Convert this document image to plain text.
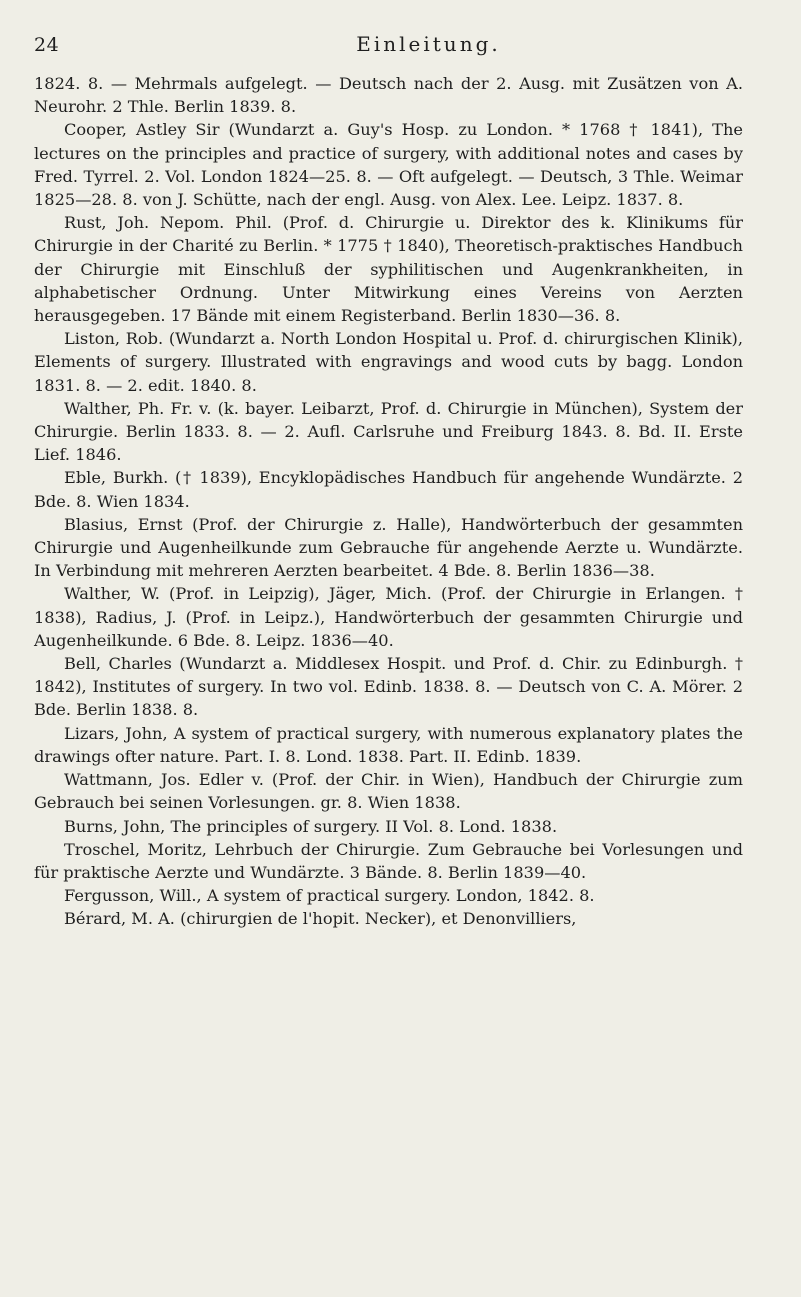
24	Einleitung.

1824. 8. — Mehrmals aufgelegt. — Deutsch nach der 2. Ausg. mit Zusätzen von A. Neurohr. 2 Thle. Berlin 1839. 8.

Cooper, Astley Sir (Wundarzt a. Guy's Hosp. zu London. * 1768 † 1841), The lectures on the principles and practice of surgery, with additional notes and cases by Fred. Tyrrel. 2. Vol. London 1824—25. 8. — Oft aufgelegt. — Deutsch, 3 Thle. Weimar 1825—28. 8. von J. Schütte, nach der engl. Ausg. von Alex. Lee. Leipz. 1837. 8.

Rust, Joh. Nepom. Phil. (Prof. d. Chirurgie u. Direktor des k. Klinikums für Chirurgie in der Charité zu Berlin. * 1775 † 1840), Theoretisch-praktisches Handbuch der Chirurgie mit Einschluß der syphilitischen und Augenkrankheiten, in alphabetischer Ordnung. Unter Mitwirkung eines Vereins von Aerzten herausgegeben. 17 Bände mit einem Registerband. Berlin 1830—36. 8.

Liston, Rob. (Wundarzt a. North London Hospital u. Prof. d. chirurgischen Klinik), Elements of surgery. Illustrated with engravings and wood cuts by bagg. London 1831. 8. — 2. edit. 1840. 8.

Walther, Ph. Fr. v. (k. bayer. Leibarzt, Prof. d. Chirurgie in München), System der Chirurgie. Berlin 1833. 8. — 2. Aufl. Carlsruhe und Freiburg 1843. 8. Bd. II. Erste Lief. 1846.

Eble, Burkh. († 1839), Encyklopädisches Handbuch für angehende Wundärzte. 2 Bde. 8. Wien 1834.

Blasius, Ernst (Prof. der Chirurgie z. Halle), Handwörterbuch der gesammten Chirurgie und Augenheilkunde zum Gebrauche für angehende Aerzte u. Wundärzte. In Verbindung mit mehreren Aerzten bearbeitet. 4 Bde. 8. Berlin 1836—38.

Walther, W. (Prof. in Leipzig), Jäger, Mich. (Prof. der Chirurgie in Erlangen. † 1838), Radius, J. (Prof. in Leipz.), Handwörterbuch der gesammten Chirurgie und Augenheilkunde. 6 Bde. 8. Leipz. 1836—40.

Bell, Charles (Wundarzt a. Middlesex Hospit. und Prof. d. Chir. zu Edinburgh. † 1842), Institutes of surgery. In two vol. Edinb. 1838. 8. — Deutsch von C. A. Mörer. 2 Bde. Berlin 1838. 8.

Lizars, John, A system of practical surgery, with numerous explanatory plates the drawings ofter nature. Part. I. 8. Lond. 1838. Part. II. Edinb. 1839.

Wattmann, Jos. Edler v. (Prof. der Chir. in Wien), Handbuch der Chirurgie zum Gebrauch bei seinen Vorlesungen. gr. 8. Wien 1838.

Burns, John, The principles of surgery. II Vol. 8. Lond. 1838.

Troschel, Moritz, Lehrbuch der Chirurgie. Zum Gebrauche bei Vorlesungen und für praktische Aerzte und Wundärzte. 3 Bände. 8. Berlin 1839—40.

Fergusson, Will., A system of practical surgery. London, 1842. 8.

Bérard, M. A. (chirurgien de l'hopit. Necker), et Denonvilliers,
